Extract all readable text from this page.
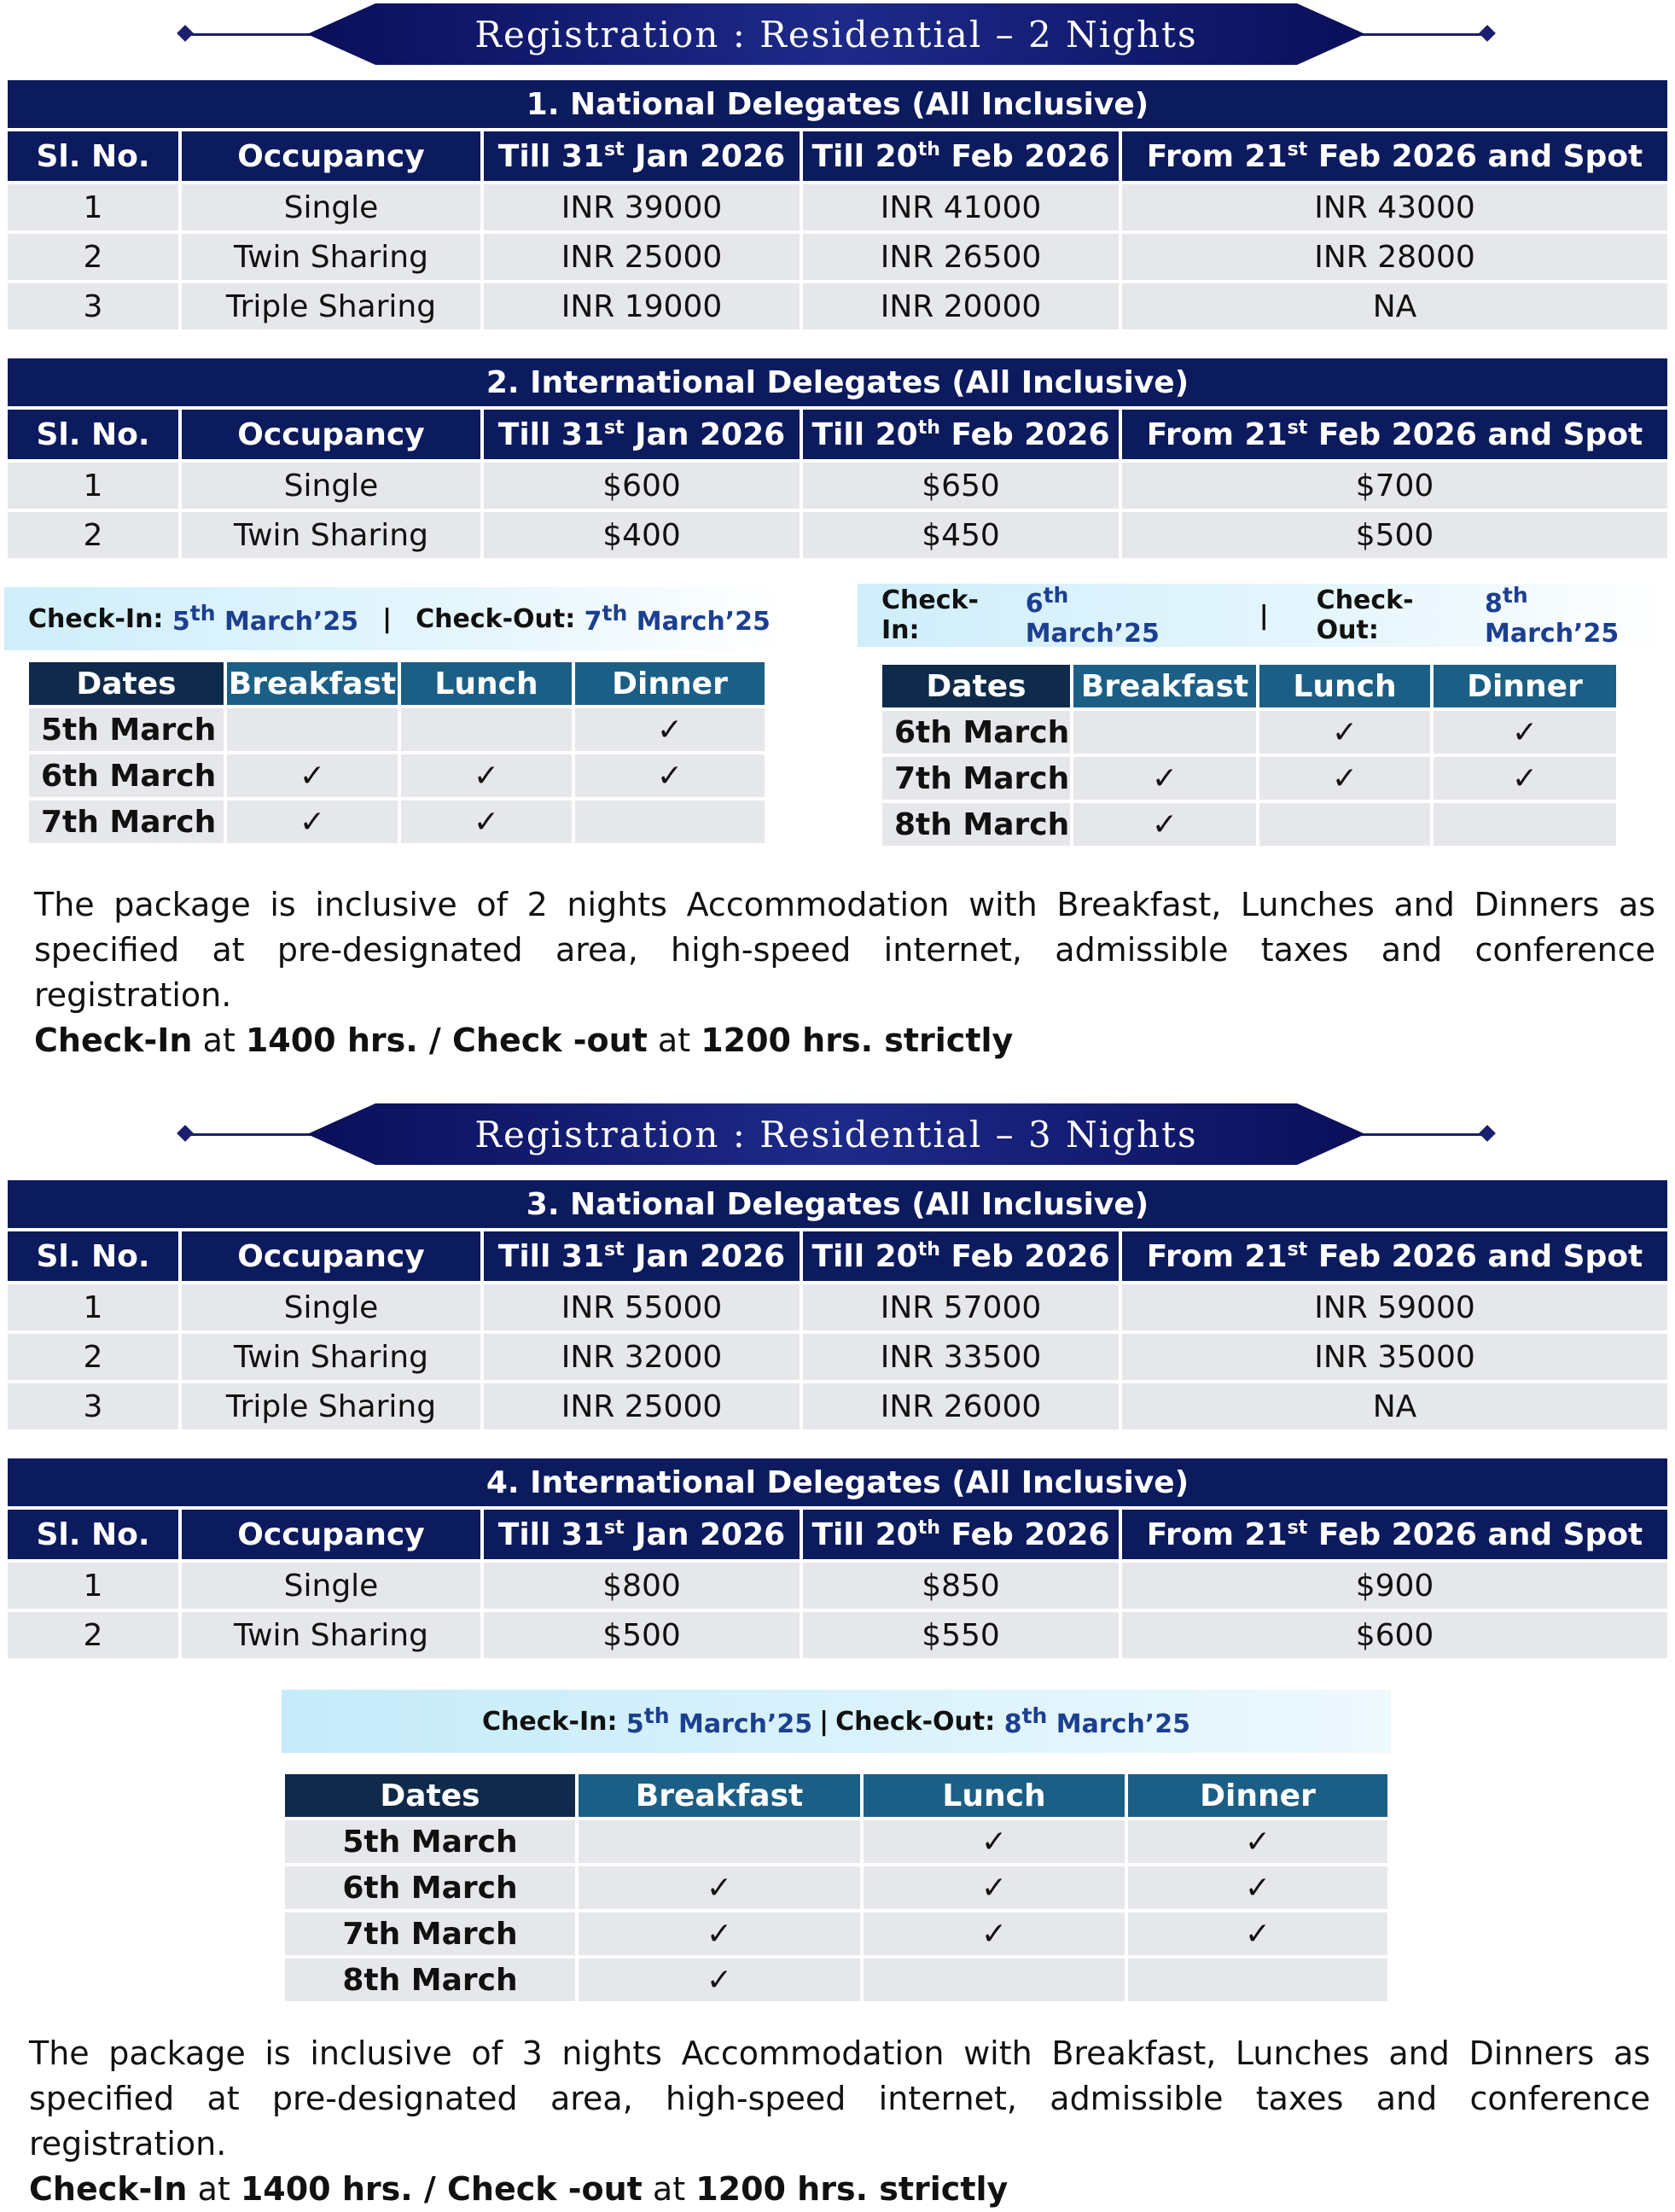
Registration : Residential – 2 Nights
1. National Delegates (All Inclusive)				
Sl. No.	Occupancy	Till 31st Jan 2026	Till 20th Feb 2026	From 21st Feb 2026 and Spot
1	Single	INR 39000	INR 41000	INR 43000
2	Twin Sharing	INR 25000	INR 26500	INR 28000
3	Triple Sharing	INR 19000	INR 20000	NA
2. International Delegates (All Inclusive)				
Sl. No.	Occupancy	Till 31st Jan 2026	Till 20th Feb 2026	From 21st Feb 2026 and Spot
1	Single	$600	$650	$700
2	Twin Sharing	$400	$450	$500
Check-In:
5th March’25 | Check-Out:
7th March’25
Dates	Breakfast	Lunch	Dinner
5th March			✓
6th March	✓	✓	✓
7th March	✓	✓	
Check-In:

6th March’25
| Check-Out:

8th March’25
Dates	Breakfast	Lunch	Dinner
6th March		✓	✓
7th March	✓	✓	✓
8th March	✓		
The package is inclusive of 2 nights Accommodation with Breakfast, Lunches and Dinners as specified at pre-designated area, high-speed internet, admissible taxes and conference registration.
Check-In at 1400 hrs. / Check -out at 1200 hrs. strictly
Registration : Residential – 3 Nights
3. National Delegates (All Inclusive)				
Sl. No.	Occupancy	Till 31st Jan 2026	Till 20th Feb 2026	From 21st Feb 2026 and Spot
1	Single	INR 55000	INR 57000	INR 59000
2	Twin Sharing	INR 32000	INR 33500	INR 35000
3	Triple Sharing	INR 25000	INR 26000	NA
4. International Delegates (All Inclusive)				
Sl. No.	Occupancy	Till 31st Jan 2026	Till 20th Feb 2026	From 21st Feb 2026 and Spot
1	Single	$800	$850	$900
2	Twin Sharing	$500	$550	$600
Check-In:
5th March’25 | Check-Out:
8th March’25
Dates	Breakfast	Lunch	Dinner
5th March		✓	✓
6th March	✓	✓	✓
7th March	✓	✓	✓
8th March	✓		
The package is inclusive of 3 nights Accommodation with Breakfast, Lunches and Dinners as specified at pre-designated area, high-speed internet, admissible taxes and conference registration.
Check-In at 1400 hrs. / Check -out at 1200 hrs. strictly
